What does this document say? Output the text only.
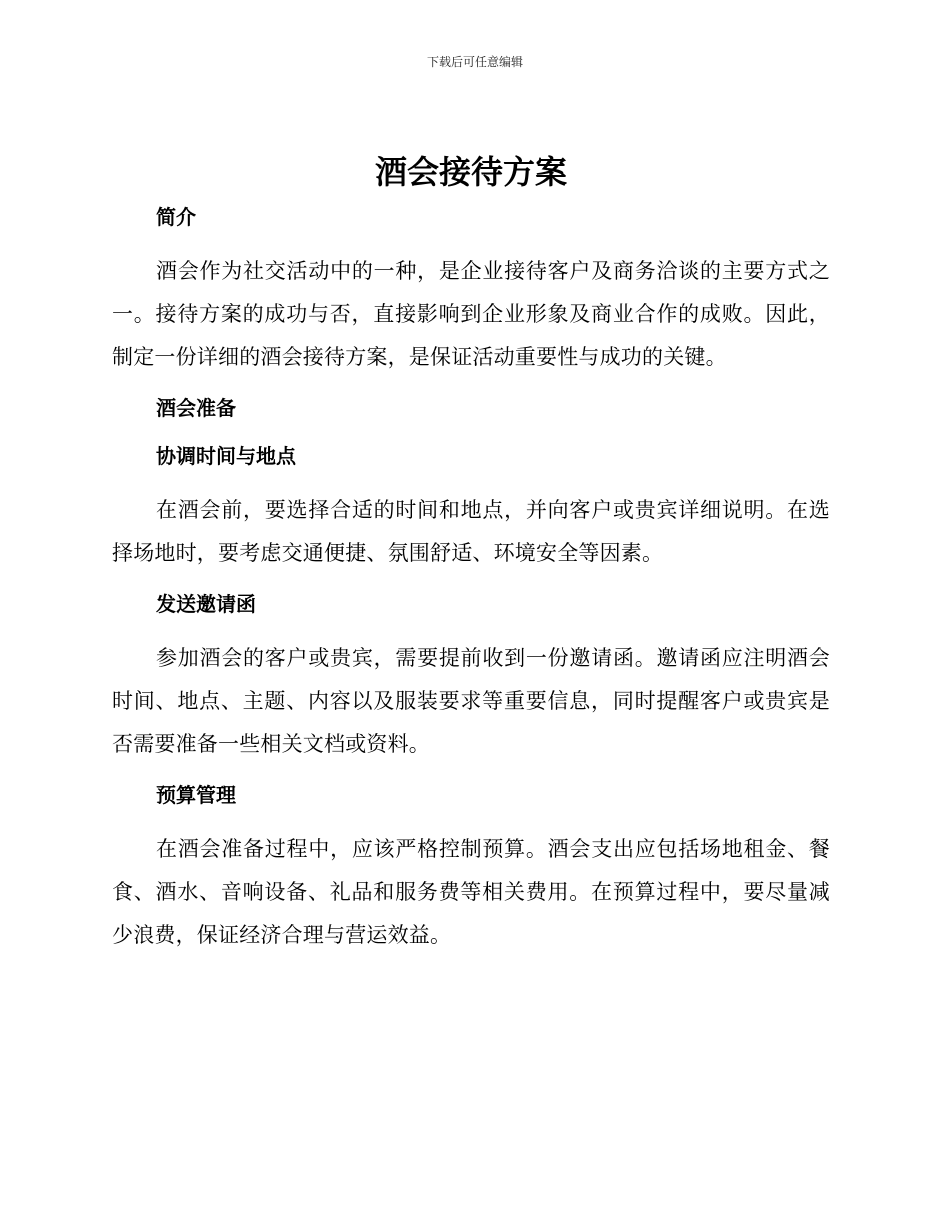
下载后可任意编辑
酒会接待方案
简介

酒会作为社交活动中的一种，是企业接待客户及商务洽谈的主要方式之一。接待方案的成功与否，直接影响到企业形象及商业合作的成败。因此，制定一份详细的酒会接待方案，是保证活动重要性与成功的关键。

酒会准备
协调时间与地点

在酒会前，要选择合适的时间和地点，并向客户或贵宾详细说明。在选择场地时，要考虑交通便捷、氛围舒适、环境安全等因素。

发送邀请函

参加酒会的客户或贵宾，需要提前收到一份邀请函。邀请函应注明酒会时间、地点、主题、内容以及服装要求等重要信息，同时提醒客户或贵宾是否需要准备一些相关文档或资料。

预算管理

在酒会准备过程中，应该严格控制预算。酒会支出应包括场地租金、餐食、酒水、音响设备、礼品和服务费等相关费用。在预算过程中，要尽量减少浪费，保证经济合理与营运效益。
